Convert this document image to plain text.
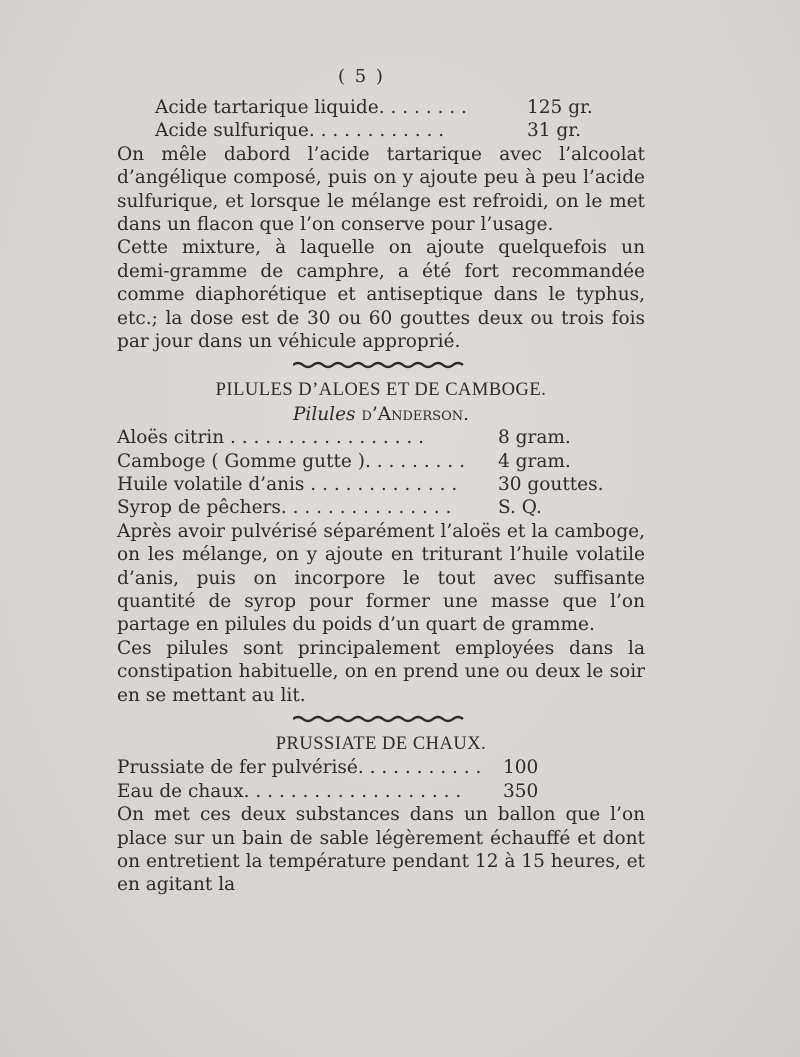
( 5 )
Acide tartarique liquide. . . . . . . .	125 gr.
Acide sulfurique. . . . . . . . . . . .	31 gr.

On mêle dabord l’acide tartarique avec l’alcoolat d’angélique composé, puis on y ajoute peu à peu l’acide sulfurique, et lorsque le mélange est refroidi, on le met dans un flacon que l’on conserve pour l’usage.

Cette mixture, à laquelle on ajoute quelquefois un demi-gramme de camphre, a été fort recommandée comme diaphorétique et antiseptique dans le typhus, etc.; la dose est de 30 ou 60 gouttes deux ou trois fois par jour dans un véhicule approprié.

PILULES D’ALOES ET DE CAMBOGE.

Pilules d’Anderson.

Aloës citrin . . . . . . . . . . . . . . . . .	8 gram.
Camboge ( Gomme gutte ). . . . . . . . . 4 gram.
Huile volatile d’anis . . . . . . . . . . . . . 30 gouttes.
Syrop de pêchers. . . . . . . . . . . . . . .	S. Q.

Après avoir pulvérisé séparément l’aloës et la camboge, on les mélange, on y ajoute en triturant l’huile volatile d’anis, puis on incorpore le tout avec suffisante quantité de syrop pour former une masse que l’on partage en pilules du poids d’un quart de gramme.

Ces pilules sont principalement employées dans la constipation habituelle, on en prend une ou deux le soir en se mettant au lit.

PRUSSIATE DE CHAUX.

Prussiate de fer pulvérisé. . . . . . . . . . . 100
Eau de chaux. . . . . . . . . . . . . . . . . . . 350

On met ces deux substances dans un ballon que l’on place sur un bain de sable légèrement échauffé et dont on entretient la température pendant 12 à 15 heures, et en agitant la
